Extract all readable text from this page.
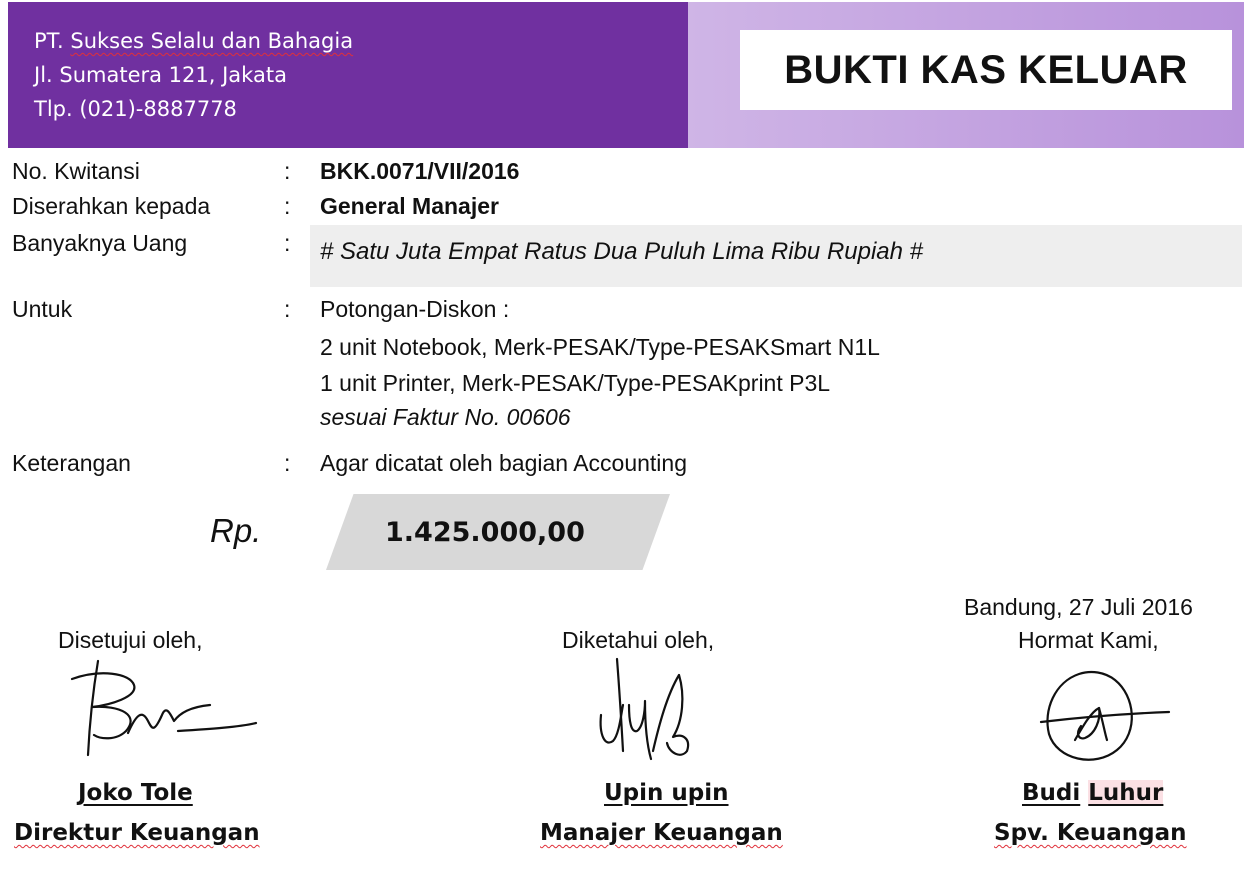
PT. Sukses Selalu dan Bahagia
Jl. Sumatera 121, Jakata
Tlp. (021)-8887778
BUKTI KAS KELUAR
No. Kwitansi	: BKK.0071/VII/2016
Diserahkan kepada	: General Manajer
Banyaknya Uang	: # Satu Juta Empat Ratus Dua Puluh Lima Ribu Rupiah #
Untuk	: Potongan-Diskon :
2 unit Notebook, Merk-PESAK/Type-PESAKSmart N1L
1 unit Printer, Merk-PESAK/Type-PESAKprint P3L
sesuai Faktur No. 00606
Keterangan	: Agar dicatat oleh bagian Accounting
Rp.	1.425.000,00
Disetujui oleh,
Joko Tole
Direktur Keuangan
Diketahui oleh,
Upin upin
Manajer Keuangan
Bandung, 27 Juli 2016
Hormat Kami,
Budi Luhur
Spv. Keuangan
